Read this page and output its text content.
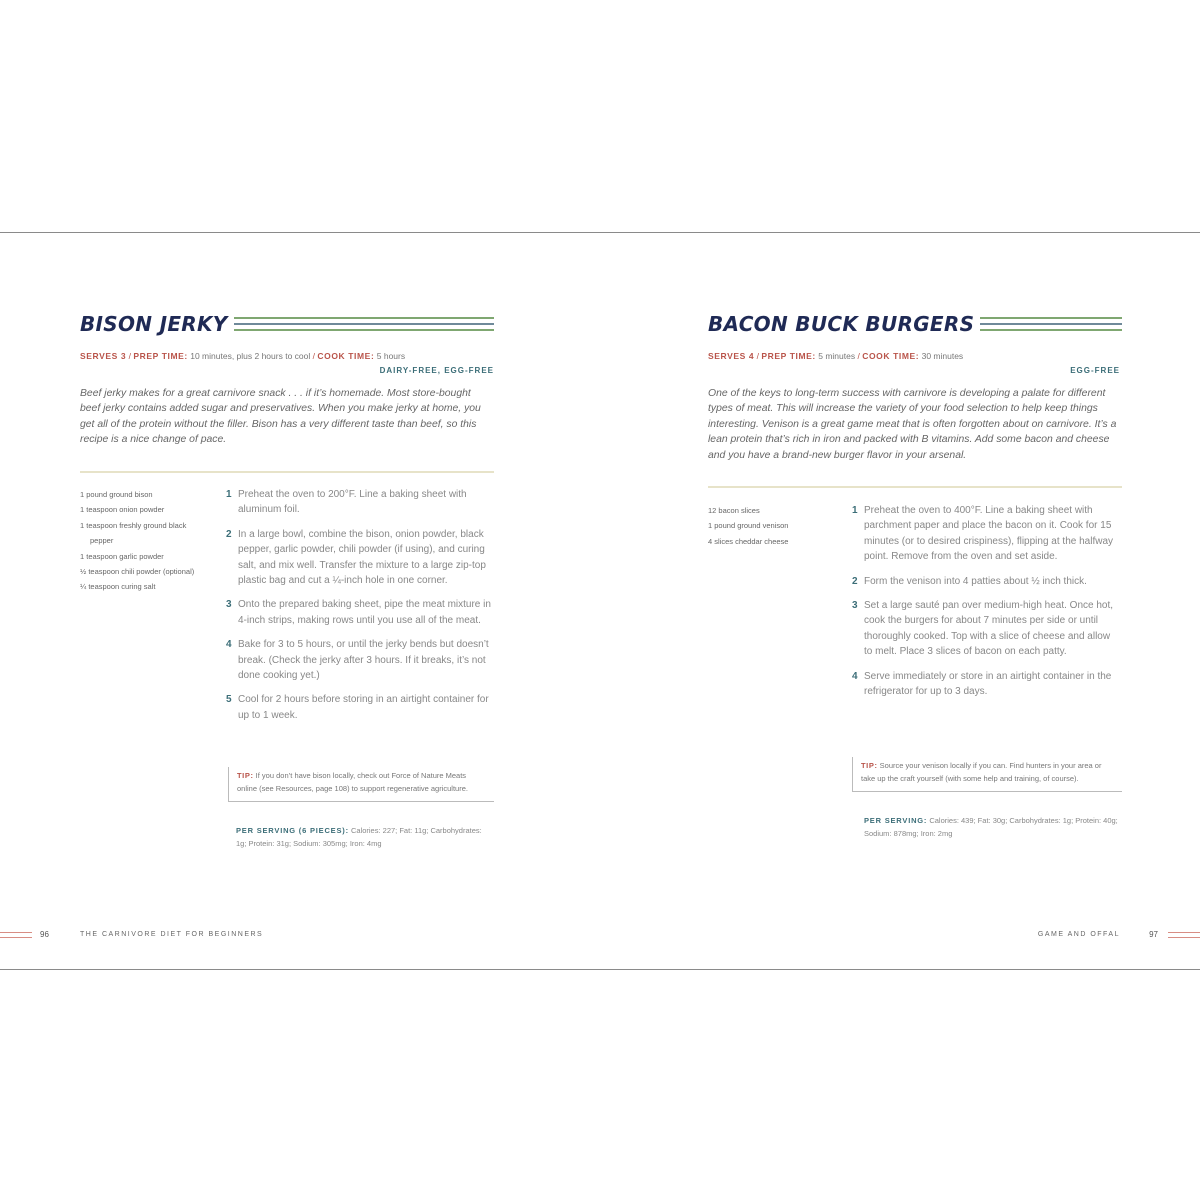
BISON JERKY
SERVES 3 / PREP TIME: 10 minutes, plus 2 hours to cool / COOK TIME: 5 hours
DAIRY-FREE, EGG-FREE

Beef jerky makes for a great carnivore snack . . . if it’s homemade. Most store-bought beef jerky contains added sugar and preservatives. When you make jerky at home, you get all of the protein without the filler. Bison has a very different taste than beef, so this recipe is a nice change of pace.

1 pound ground bison
1 teaspoon onion powder
1 teaspoon freshly ground black pepper
1 teaspoon garlic powder
½ teaspoon chili powder (optional)
¼ teaspoon curing salt
1 Preheat the oven to 200°F. Line a baking sheet with aluminum foil.
2 In a large bowl, combine the bison, onion powder, black pepper, garlic powder, chili powder (if using), and curing salt, and mix well. Transfer the mixture to a large zip-top plastic bag and cut a ¼-inch hole in one corner.
3 Onto the prepared baking sheet, pipe the meat mixture in 4-inch strips, making rows until you use all of the meat.
4 Bake for 3 to 5 hours, or until the jerky bends but doesn’t break. (Check the jerky after 3 hours. If it breaks, it’s not done cooking yet.)
5 Cool for 2 hours before storing in an airtight container for up to 1 week.
TIP: If you don’t have bison locally, check out Force of Nature Meats online (see Resources, page 108) to support regenerative agriculture.
PER SERVING (6 PIECES): Calories: 227; Fat: 11g; Carbohydrates: 1g; Protein: 31g; Sodium: 305mg; Iron: 4mg
96	THE CARNIVORE DIET FOR BEGINNERS
BACON BUCK BURGERS
SERVES 4 / PREP TIME: 5 minutes / COOK TIME: 30 minutes
EGG-FREE

One of the keys to long-term success with carnivore is developing a palate for different types of meat. This will increase the variety of your food selection to help keep things interesting. Venison is a great game meat that is often forgotten about on carnivore. It’s a lean protein that’s rich in iron and packed with B vitamins. Add some bacon and cheese and you have a brand-new burger flavor in your arsenal.

12 bacon slices
1 pound ground venison
4 slices cheddar cheese
1 Preheat the oven to 400°F. Line a baking sheet with parchment paper and place the bacon on it. Cook for 15 minutes (or to desired crispiness), flipping at the halfway point. Remove from the oven and set aside.
2 Form the venison into 4 patties about ½ inch thick.
3 Set a large sauté pan over medium-high heat. Once hot, cook the burgers for about 7 minutes per side or until thoroughly cooked. Top with a slice of cheese and allow to melt. Place 3 slices of bacon on each patty.
4 Serve immediately or store in an airtight container in the refrigerator for up to 3 days.
TIP: Source your venison locally if you can. Find hunters in your area or take up the craft yourself (with some help and training, of course).
PER SERVING: Calories: 439; Fat: 30g; Carbohydrates: 1g; Protein: 40g; Sodium: 878mg; Iron: 2mg
GAME AND OFFAL	97
